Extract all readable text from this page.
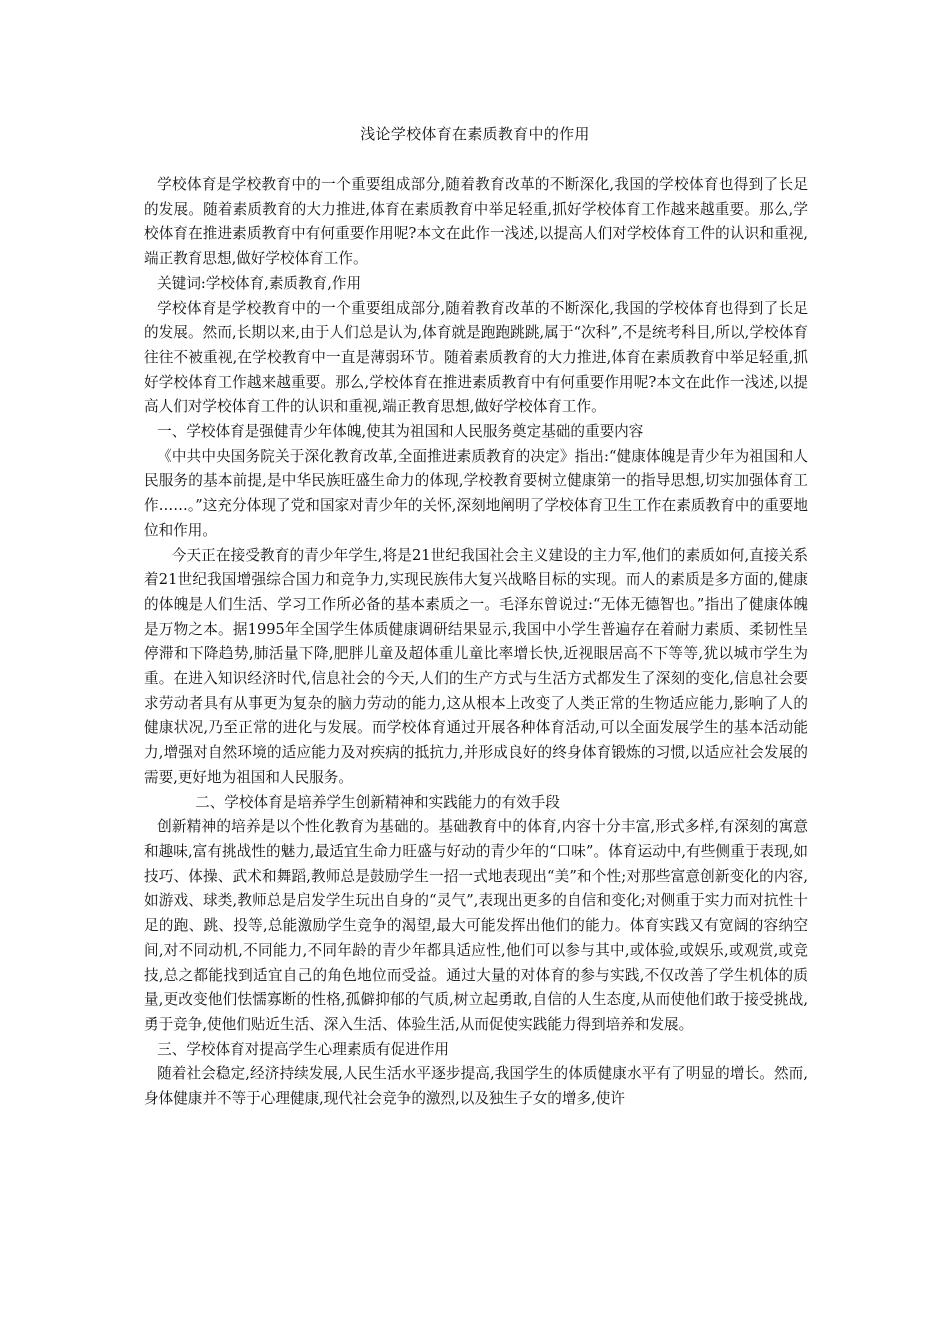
浅论学校体育在素质教育中的作用

学校体育是学校教育中的一个重要组成部分,随着教育改革的不断深化,我国的学校体育也得到了长足的发展。随着素质教育的大力推进,体育在素质教育中举足轻重,抓好学校体育工作越来越重要。那么,学校体育在推进素质教育中有何重要作用呢?本文在此作一浅述,以提高人们对学校体育工件的认识和重视,端正教育思想,做好学校体育工作。

关键词:学校体育,素质教育,作用

学校体育是学校教育中的一个重要组成部分,随着教育改革的不断深化,我国的学校体育也得到了长足的发展。然而,长期以来,由于人们总是认为,体育就是跑跑跳跳,属于“次科”,不是统考科目,所以,学校体育往往不被重视,在学校教育中一直是薄弱环节。随着素质教育的大力推进,体育在素质教育中举足轻重,抓好学校体育工作越来越重要。那么,学校体育在推进素质教育中有何重要作用呢?本文在此作一浅述,以提高人们对学校体育工件的认识和重视,端正教育思想,做好学校体育工作。

一、学校体育是强健青少年体魄,使其为祖国和人民服务奠定基础的重要内容

《中共中央国务院关于深化教育改革,全面推进素质教育的决定》指出:“健康体魄是青少年为祖国和人民服务的基本前提,是中华民族旺盛生命力的体现,学校教育要树立健康第一的指导思想,切实加强体育工作……。”这充分体现了党和国家对青少年的关怀,深刻地阐明了学校体育卫生工作在素质教育中的重要地位和作用。

今天正在接受教育的青少年学生,将是21世纪我国社会主义建设的主力军,他们的素质如何,直接关系着21世纪我国增强综合国力和竞争力,实现民族伟大复兴战略目标的实现。而人的素质是多方面的,健康的体魄是人们生活、学习工作所必备的基本素质之一。毛泽东曾说过:“无体无德智也。”指出了健康体魄是万物之本。据1995年全国学生体质健康调研结果显示,我国中小学生普遍存在着耐力素质、柔韧性呈停滞和下降趋势,肺活量下降,肥胖儿童及超体重儿童比率增长快,近视眼居高不下等等,犹以城市学生为重。在进入知识经济时代,信息社会的今天,人们的生产方式与生活方式都发生了深刻的变化,信息社会要求劳动者具有从事更为复杂的脑力劳动的能力,这从根本上改变了人类正常的生物适应能力,影响了人的健康状况,乃至正常的进化与发展。而学校体育通过开展各种体育活动,可以全面发展学生的基本活动能力,增强对自然环境的适应能力及对疾病的抵抗力,并形成良好的终身体育锻炼的习惯,以适应社会发展的需要,更好地为祖国和人民服务。

二、学校体育是培养学生创新精神和实践能力的有效手段

创新精神的培养是以个性化教育为基础的。基础教育中的体育,内容十分丰富,形式多样,有深刻的寓意和趣味,富有挑战性的魅力,最适宜生命力旺盛与好动的青少年的“口味”。体育运动中,有些侧重于表现,如技巧、体操、武术和舞蹈,教师总是鼓励学生一招一式地表现出“美”和个性;对那些富意创新变化的内容,如游戏、球类,教师总是启发学生玩出自身的“灵气”,表现出更多的自信和变化;对侧重于实力而对抗性十足的跑、跳、投等,总能激励学生竞争的渴望,最大可能发挥出他们的能力。体育实践又有宽阔的容纳空间,对不同动机,不同能力,不同年龄的青少年都具适应性,他们可以参与其中,或体验,或娱乐,或观赏,或竞技,总之都能找到适宜自己的角色地位而受益。通过大量的对体育的参与实践,不仅改善了学生机体的质量,更改变他们怯懦寡断的性格,孤僻抑郁的气质,树立起勇敢,自信的人生态度,从而使他们敢于接受挑战,勇于竞争,使他们贴近生活、深入生活、体验生活,从而促使实践能力得到培养和发展。

三、学校体育对提高学生心理素质有促进作用

随着社会稳定,经济持续发展,人民生活水平逐步提高,我国学生的体质健康水平有了明显的增长。然而,身体健康并不等于心理健康,现代社会竞争的激烈,以及独生子女的增多,使许
